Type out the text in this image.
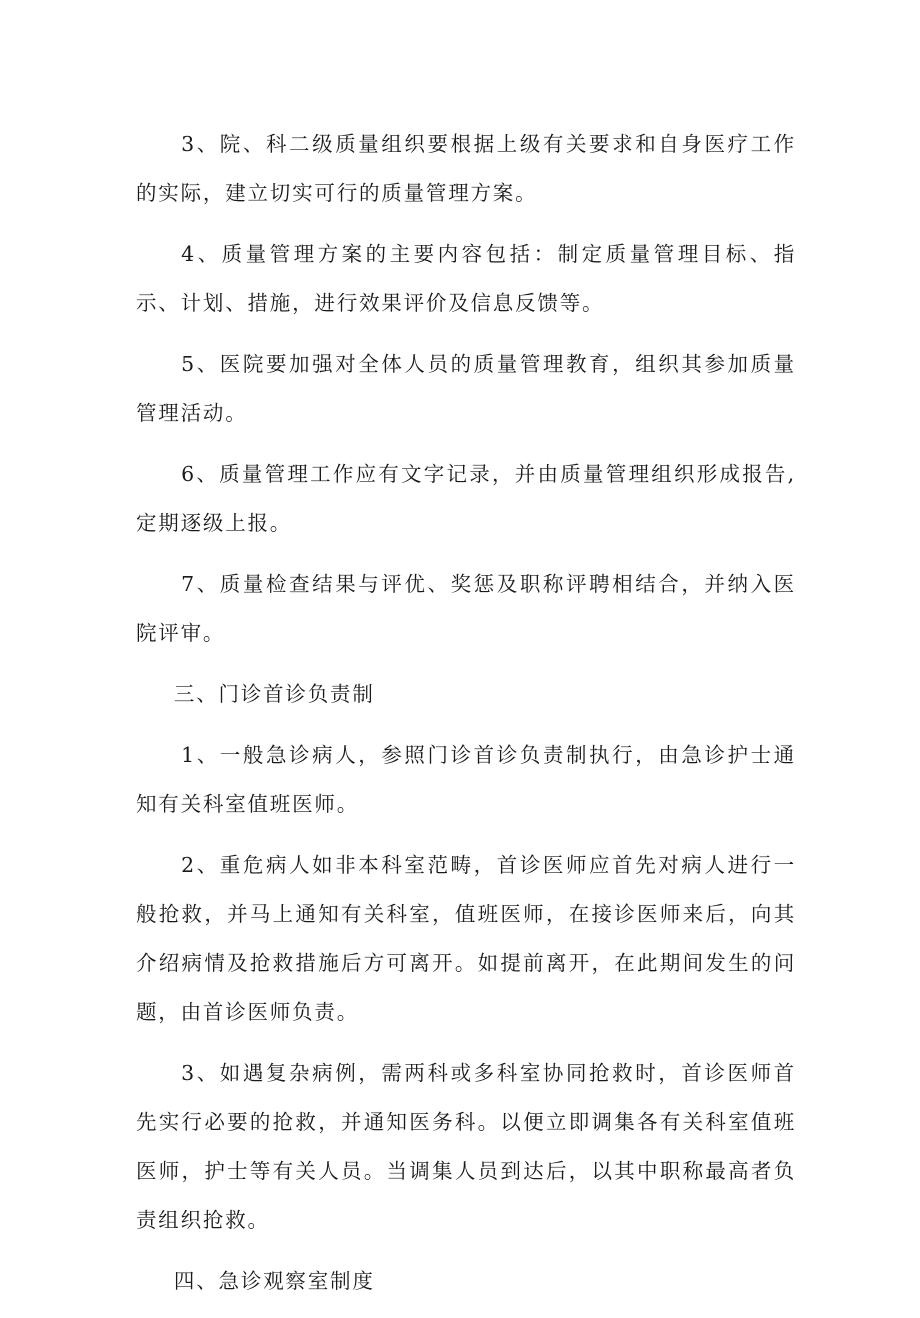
3、院、科二级质量组织要根据上级有关要求和自身医疗工作的实际，建立切实可行的质量管理方案。

4、质量管理方案的主要内容包括：制定质量管理目标、指示、计划、措施，进行效果评价及信息反馈等。

5、医院要加强对全体人员的质量管理教育，组织其参加质量管理活动。

6、质量管理工作应有文字记录，并由质量管理组织形成报告,定期逐级上报。

7、质量检查结果与评优、奖惩及职称评聘相结合，并纳入医院评审。

三、门诊首诊负责制

1、一般急诊病人，参照门诊首诊负责制执行，由急诊护士通知有关科室值班医师。

2、重危病人如非本科室范畴，首诊医师应首先对病人进行一般抢救，并马上通知有关科室，值班医师，在接诊医师来后，向其介绍病情及抢救措施后方可离开。如提前离开，在此期间发生的问题，由首诊医师负责。

3、如遇复杂病例，需两科或多科室协同抢救时，首诊医师首先实行必要的抢救，并通知医务科。以便立即调集各有关科室值班医师，护士等有关人员。当调集人员到达后，以其中职称最高者负责组织抢救。

四、急诊观察室制度
